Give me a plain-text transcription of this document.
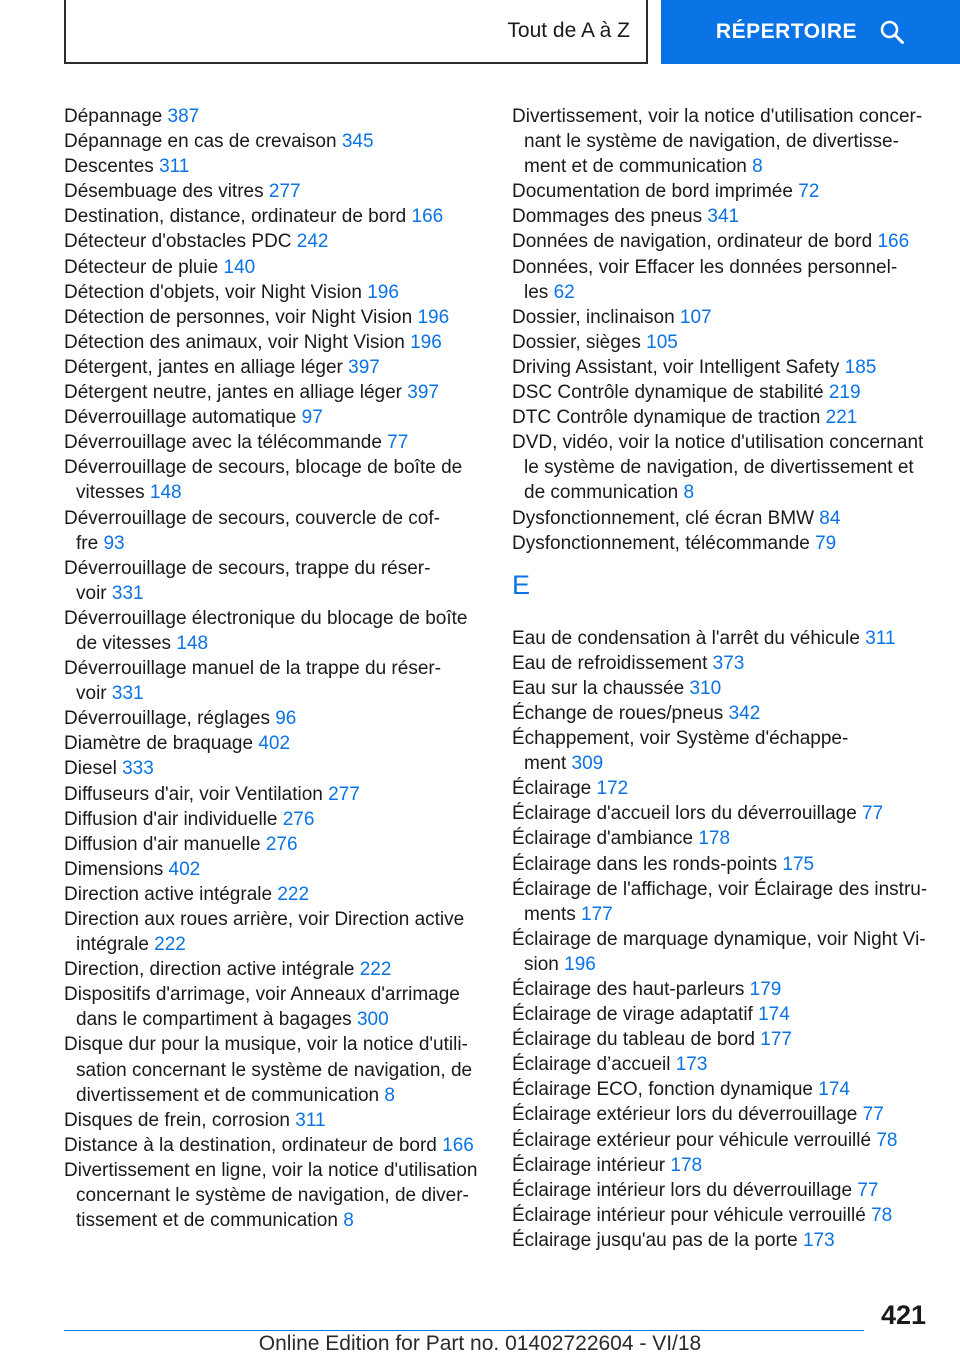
Tout de A à Z	RÉPERTOIRE
Dépannage 387
Dépannage en cas de crevaison 345
Descentes 311
Désembuage des vitres 277
Destination, distance, ordinateur de bord 166
Détecteur d'obstacles PDC 242
Détecteur de pluie 140
Détection d'objets, voir Night Vision 196
Détection de personnes, voir Night Vision 196
Détection des animaux, voir Night Vision 196
Détergent, jantes en alliage léger 397
Détergent neutre, jantes en alliage léger 397
Déverrouillage automatique 97
Déverrouillage avec la télécommande 77
Déverrouillage de secours, blocage de boîte de
vitesses 148
Déverrouillage de secours, couvercle de cof-
fre 93
Déverrouillage de secours, trappe du réser-
voir 331
Déverrouillage électronique du blocage de boîte
de vitesses 148
Déverrouillage manuel de la trappe du réser-
voir 331
Déverrouillage, réglages 96
Diamètre de braquage 402
Diesel 333
Diffuseurs d'air, voir Ventilation 277
Diffusion d'air individuelle 276
Diffusion d'air manuelle 276
Dimensions 402
Direction active intégrale 222
Direction aux roues arrière, voir Direction active
intégrale 222
Direction, direction active intégrale 222
Dispositifs d'arrimage, voir Anneaux d'arrimage
dans le compartiment à bagages 300
Disque dur pour la musique, voir la notice d'utili-
sation concernant le système de navigation, de
divertissement et de communication 8
Disques de frein, corrosion 311
Distance à la destination, ordinateur de bord 166
Divertissement en ligne, voir la notice d'utilisation
concernant le système de navigation, de diver-
tissement et de communication 8
Divertissement, voir la notice d'utilisation concer-
nant le système de navigation, de divertisse-
ment et de communication 8
Documentation de bord imprimée 72
Dommages des pneus 341
Données de navigation, ordinateur de bord 166
Données, voir Effacer les données personnel-
les 62
Dossier, inclinaison 107
Dossier, sièges 105
Driving Assistant, voir Intelligent Safety 185
DSC Contrôle dynamique de stabilité 219
DTC Contrôle dynamique de traction 221
DVD, vidéo, voir la notice d'utilisation concernant
le système de navigation, de divertissement et
de communication 8
Dysfonctionnement, clé écran BMW 84
Dysfonctionnement, télécommande 79
E
Eau de condensation à l'arrêt du véhicule 311
Eau de refroidissement 373
Eau sur la chaussée 310
Échange de roues/pneus 342
Échappement, voir Système d'échappe-
ment 309
Éclairage 172
Éclairage d'accueil lors du déverrouillage 77
Éclairage d'ambiance 178
Éclairage dans les ronds-points 175
Éclairage de l'affichage, voir Éclairage des instru-
ments 177
Éclairage de marquage dynamique, voir Night Vi-
sion 196
Éclairage des haut-parleurs 179
Éclairage de virage adaptatif 174
Éclairage du tableau de bord 177
Éclairage d’accueil 173
Éclairage ECO, fonction dynamique 174
Éclairage extérieur lors du déverrouillage 77
Éclairage extérieur pour véhicule verrouillé 78
Éclairage intérieur 178
Éclairage intérieur lors du déverrouillage 77
Éclairage intérieur pour véhicule verrouillé 78
Éclairage jusqu'au pas de la porte 173
421
Online Edition for Part no. 01402722604 - VI/18
